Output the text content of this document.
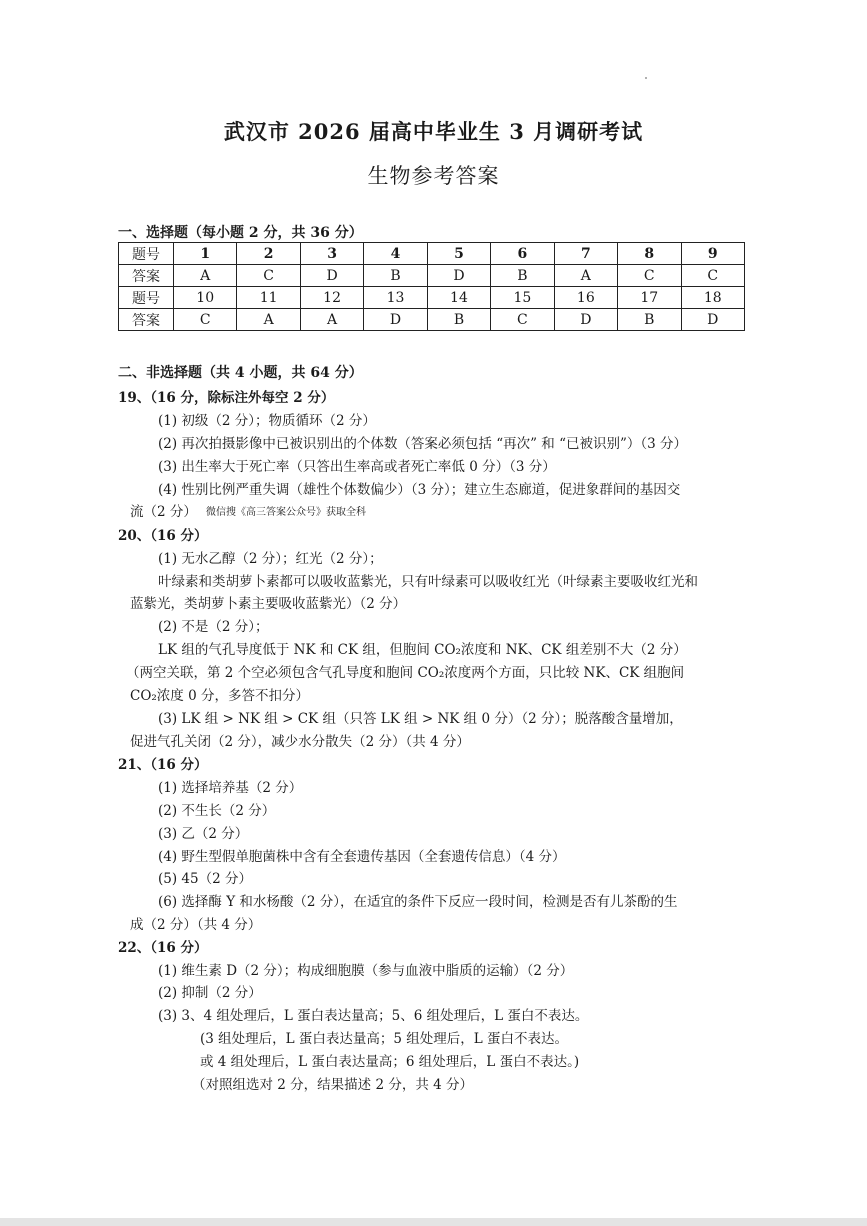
武汉市 2026 届高中毕业生 3 月调研考试
生物参考答案
一、选择题（每小题 2 分，共 36 分）
题号	1	2	3	4	5	6	7	8	9
答案	A	C	D	B	D	B	A	C	C
题号	10	11	12	13	14	15	16	17	18
答案	C	A	A	D	B	C	D	B	D
二、非选择题（共 4 小题，共 64 分）
19、（16 分，除标注外每空 2 分）
(1) 初级（2 分）；物质循环（2 分）
(2) 再次拍摄影像中已被识别出的个体数（答案必须包括 “再次” 和 “已被识别”）（3 分）
(3) 出生率大于死亡率（只答出生率高或者死亡率低 0 分）（3 分）
(4) 性别比例严重失调（雄性个体数偏少）（3 分）；建立生态廊道，促进象群间的基因交
流（2 分） 微信搜《高三答案公众号》获取全科
20、（16 分）
(1) 无水乙醇（2 分）；红光（2 分）；
叶绿素和类胡萝卜素都可以吸收蓝紫光，只有叶绿素可以吸收红光（叶绿素主要吸收红光和
蓝紫光，类胡萝卜素主要吸收蓝紫光）（2 分）
(2) 不是（2 分）；
LK 组的气孔导度低于 NK 和 CK 组，但胞间 CO₂浓度和 NK、CK 组差别不大（2 分）
（两空关联，第 2 个空必须包含气孔导度和胞间 CO₂浓度两个方面，只比较 NK、CK 组胞间
CO₂浓度 0 分，多答不扣分）
(3) LK 组 > NK 组 > CK 组（只答 LK 组 > NK 组 0 分）（2 分）；脱落酸含量增加，
促进气孔关闭（2 分），减少水分散失（2 分）（共 4 分）
21、（16 分）
(1) 选择培养基（2 分）
(2) 不生长（2 分）
(3) 乙（2 分）
(4) 野生型假单胞菌株中含有全套遗传基因（全套遗传信息）（4 分）
(5) 45（2 分）
(6) 选择酶 Y 和水杨酸（2 分），在适宜的条件下反应一段时间，检测是否有儿茶酚的生
成（2 分）（共 4 分）
22、（16 分）
(1) 维生素 D（2 分）；构成细胞膜（参与血液中脂质的运输）（2 分）
(2) 抑制（2 分）
(3) 3、4 组处理后，L 蛋白表达量高；5、6 组处理后，L 蛋白不表达。
(3 组处理后，L 蛋白表达量高；5 组处理后，L 蛋白不表达。
或 4 组处理后，L 蛋白表达量高；6 组处理后，L 蛋白不表达。)
（对照组选对 2 分，结果描述 2 分，共 4 分）
